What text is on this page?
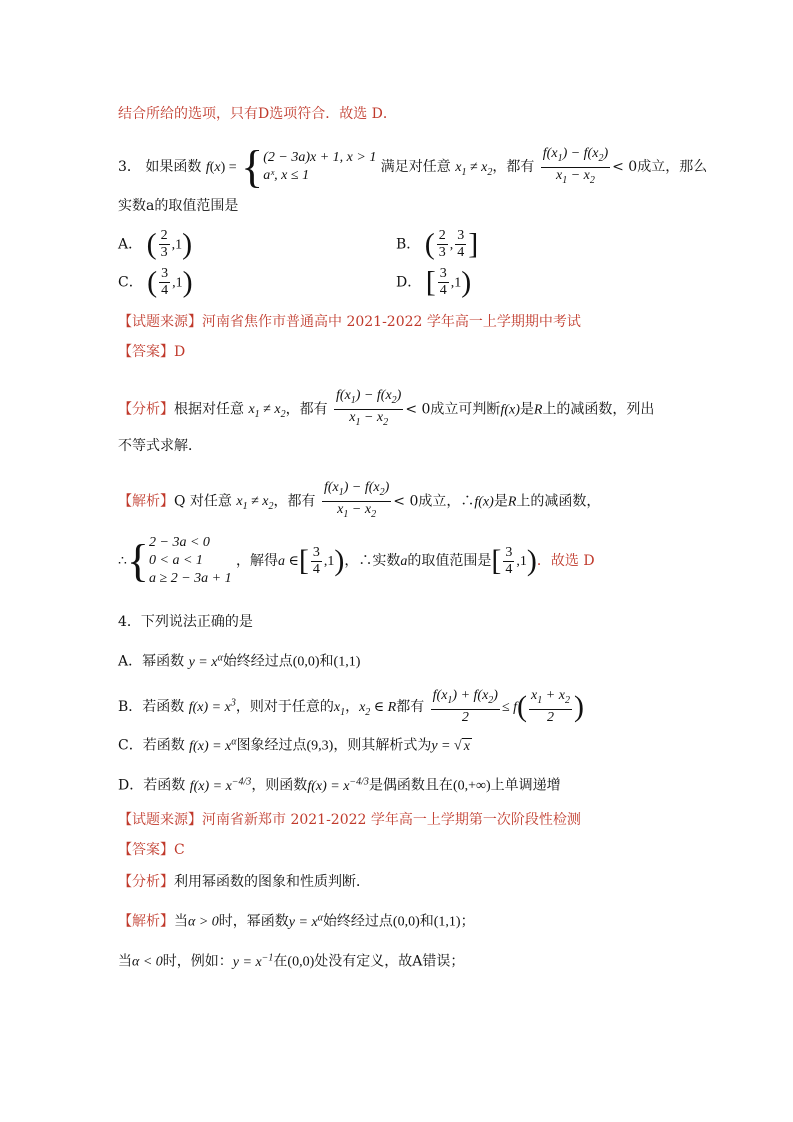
结合所给的选项，只有D选项符合．故选 D．
3． 如果函数 f(x) = { (2 − 3a)x + 1, x > 1
aˣ, x ≤ 1
满足对任意 $x_1 \ne x_2$，都有 $\frac{f(x_1) - f(x_2)}{x_1 - x_2} < 0$成立，那么
实数a的取值范围是
A． ( $\frac{2}{3} ,1$)	B． ( $\frac{2}{3}$ , $\frac{3}{4}$ ]
C． ( $\frac{3}{4} ,1$)	D． [ $\frac{3}{4} ,1$)
【试题来源】河南省焦作市普通高中 2021-2022 学年高一上学期期中考试
【答案】D
【分析】根据对任意 $x_1 \ne x_2$，都有 $\frac{f(x_1) - f(x_2)}{x_1 - x_2} < 0$成立可判断f(x)是R上的减函数，列出
不等式求解．
【解析】Q 对任意 $x_1 \ne x_2$，都有 $\frac{f(x_1) - f(x_2)}{x_1 - x_2} < 0$成立，∴f(x)是R上的减函数，
∴{ 2 − 3a < 0
0 < a < 1
a ≥ 2 − 3a + 1
，解得a ∈[ $\frac{3}{4} ,1$)，∴实数a的取值范围是[ $\frac{3}{4} ,1$)．故选 D
4．下列说法正确的是
A．幂函数 $y = x^\alpha$始终经过点(0,0)和(1,1)
B．若函数 $f(x) = x^3$，则对于任意的$x_1$，$x_2$ ∈ R都有 $\frac{f(x_1) + f(x_2)}{2} \le f( \frac{x_1 + x_2}{2}$ )
C．若函数 $f(x) = x^\alpha$图象经过点(9,3)，则其解析式为y = √ x
D．若函数 $f(x) = x^{-4/3}$，则函数$f(x) = x^{-4/3}$是偶函数且在(0,+∞)上单调递增
【试题来源】河南省新郑市 2021-2022 学年高一上学期第一次阶段性检测
【答案】C
【分析】利用幂函数的图象和性质判断．
【解析】当α > 0时，幂函数$y = x^\alpha$始终经过点(0,0)和(1,1)；
当α < 0时，例如：$y = x^{-1}$在(0,0)处没有定义，故A错误；
